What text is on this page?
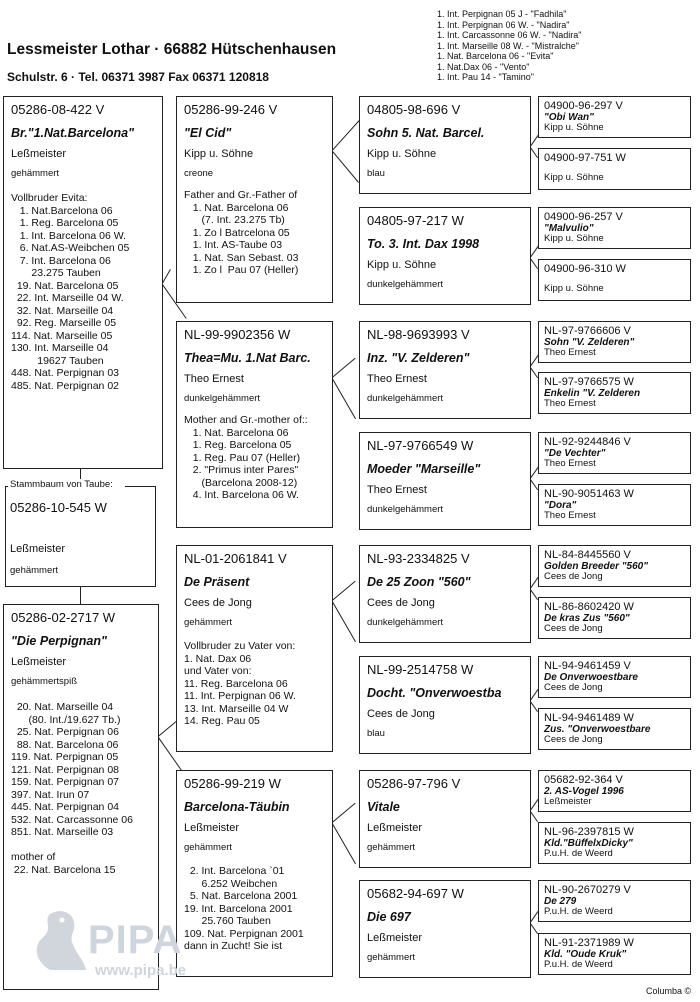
Lessmeister Lothar · 66882 Hütschenhausen
Schulstr. 6 · Tel. 06371 3987 Fax 06371 120818
1. Int. Perpignan 05 J - "Fadhila"
1. Int. Perpignan 06 W. - "Nadira"
1. Int. Carcassonne 06 W. - "Nadira"
1. Int. Marseille 08 W. - "Mistralche"
1. Nat. Barcelona 06 - "Evita"
1. Nat.Dax 06 - "Vento"
1. Int. Pau 14 - "Tamino"
Stammbaum von Taube:
05286-10-545 W
Leßmeister
gehämmert
05286-08-422 V
Br."1.Nat.Barcelona"
Leßmeister
gehämmert
Vollbruder Evita:
1. Nat.Barcelona 06
1. Reg. Barcelona 05
1. Int. Barcelona 06 W.
6. Nat.AS-Weibchen 05
7. Int. Barcelona 06
23.275 Tauben
19. Nat. Barcelona 05
22. Int. Marseille 04 W.
32. Nat. Marseille 04
92. Reg. Marseille 05
114. Nat. Marseille 05
130. Int. Marseille 04
19627 Tauben
448. Nat. Perpignan 03
485. Nat. Perpignan 02
05286-02-2717 W
"Die Perpignan"
Leßmeister
gehämmertspiß
20. Nat. Marseille 04
(80. Int./19.627 Tb.)
25. Nat. Perpignan 06
88. Nat. Barcelona 06
119. Nat. Perpignan 05
121. Nat. Perpignan 08
159. Nat. Perpignan 07
397. Nat. Irun 07
445. Nat. Perpignan 04
532. Nat. Carcassonne 06
851. Nat. Marseille 03

mother of
22. Nat. Barcelona 15
05286-99-246 V
"El Cid"
Kipp u. Söhne
creone
Father and Gr.-Father of
1. Nat. Barcelona 06
(7. Int. 23.275 Tb)
1. Zo l Batrcelona 05
1. Int. AS-Taube 03
1. Nat. San Sebast. 03
1. Zo l  Pau 07 (Heller)
NL-99-9902356 W
Thea=Mu. 1.Nat Barc.
Theo Ernest
dunkelgehämmert
Mother and Gr.-mother of::
1. Nat. Barcelona 06
1. Reg. Barcelona 05
1. Reg. Pau 07 (Heller)
2. "Primus inter Pares"
(Barcelona 2008-12)
4. Int. Barcelona 06 W.
NL-01-2061841 V
De Präsent
Cees de Jong
gehämmert
Vollbruder zu Vater von:
1. Nat. Dax 06
und Vater von:
11. Reg. Barcelona 06
11. Int. Perpignan 06 W.
13. Int. Marseille 04 W
14. Reg. Pau 05
05286-99-219 W
Barcelona-Täubin
Leßmeister
gehämmert
2. Int. Barcelona `01
6.252 Weibchen
5. Nat. Barcelona 2001
19. Int. Barcelona 2001
25.760 Tauben
109. Nat. Perpignan 2001
dann in Zucht! Sie ist
04805-98-696 V
Sohn 5. Nat. Barcel.
Kipp u. Söhne
blau
04805-97-217 W
To. 3. Int. Dax 1998
Kipp u. Söhne
dunkelgehämmert
NL-98-9693993 V
Inz. "V. Zelderen"
Theo Ernest
dunkelgehämmert
NL-97-9766549 W
Moeder "Marseille"
Theo Ernest
dunkelgehämmert
NL-93-2334825 V
De 25 Zoon "560"
Cees de Jong
dunkelgehämmert
NL-99-2514758 W
Docht. "Onverwoestba
Cees de Jong
blau
05286-97-796 V
Vitale
Leßmeister
gehämmert
05682-94-697 W
Die 697
Leßmeister
gehämmert
04900-96-297 V
"Obi Wan"
Kipp u. Söhne
04900-97-751 W
Kipp u. Söhne
04900-96-257 V
"Malvulio"
Kipp u. Söhne
04900-96-310 W
Kipp u. Söhne
NL-97-9766606 V
Sohn "V. Zelderen"
Theo Ernest
NL-97-9766575 W
Enkelin "V. Zelderen
Theo Ernest
NL-92-9244846 V
"De Vechter"
Theo Ernest
NL-90-9051463 W
"Dora"
Theo Ernest
NL-84-8445560 V
Golden Breeder "560"
Cees de Jong
NL-86-8602420 W
De kras Zus "560"
Cees de Jong
NL-94-9461459 V
De Onverwoestbare
Cees de Jong
NL-94-9461489 W
Zus. "Onverwoestbare
Cees de Jong
05682-92-364 V
2. AS-Vogel 1996
Leßmeister
NL-96-2397815 W
Kld."BüffelxDicky"
P.u.H. de Weerd
NL-90-2670279 V
De 279
P.u.H. de Weerd
NL-91-2371989 W
Kld. "Oude Kruk"
P.u.H. de Weerd
PIPA
www.pipa.be
Columba ©
